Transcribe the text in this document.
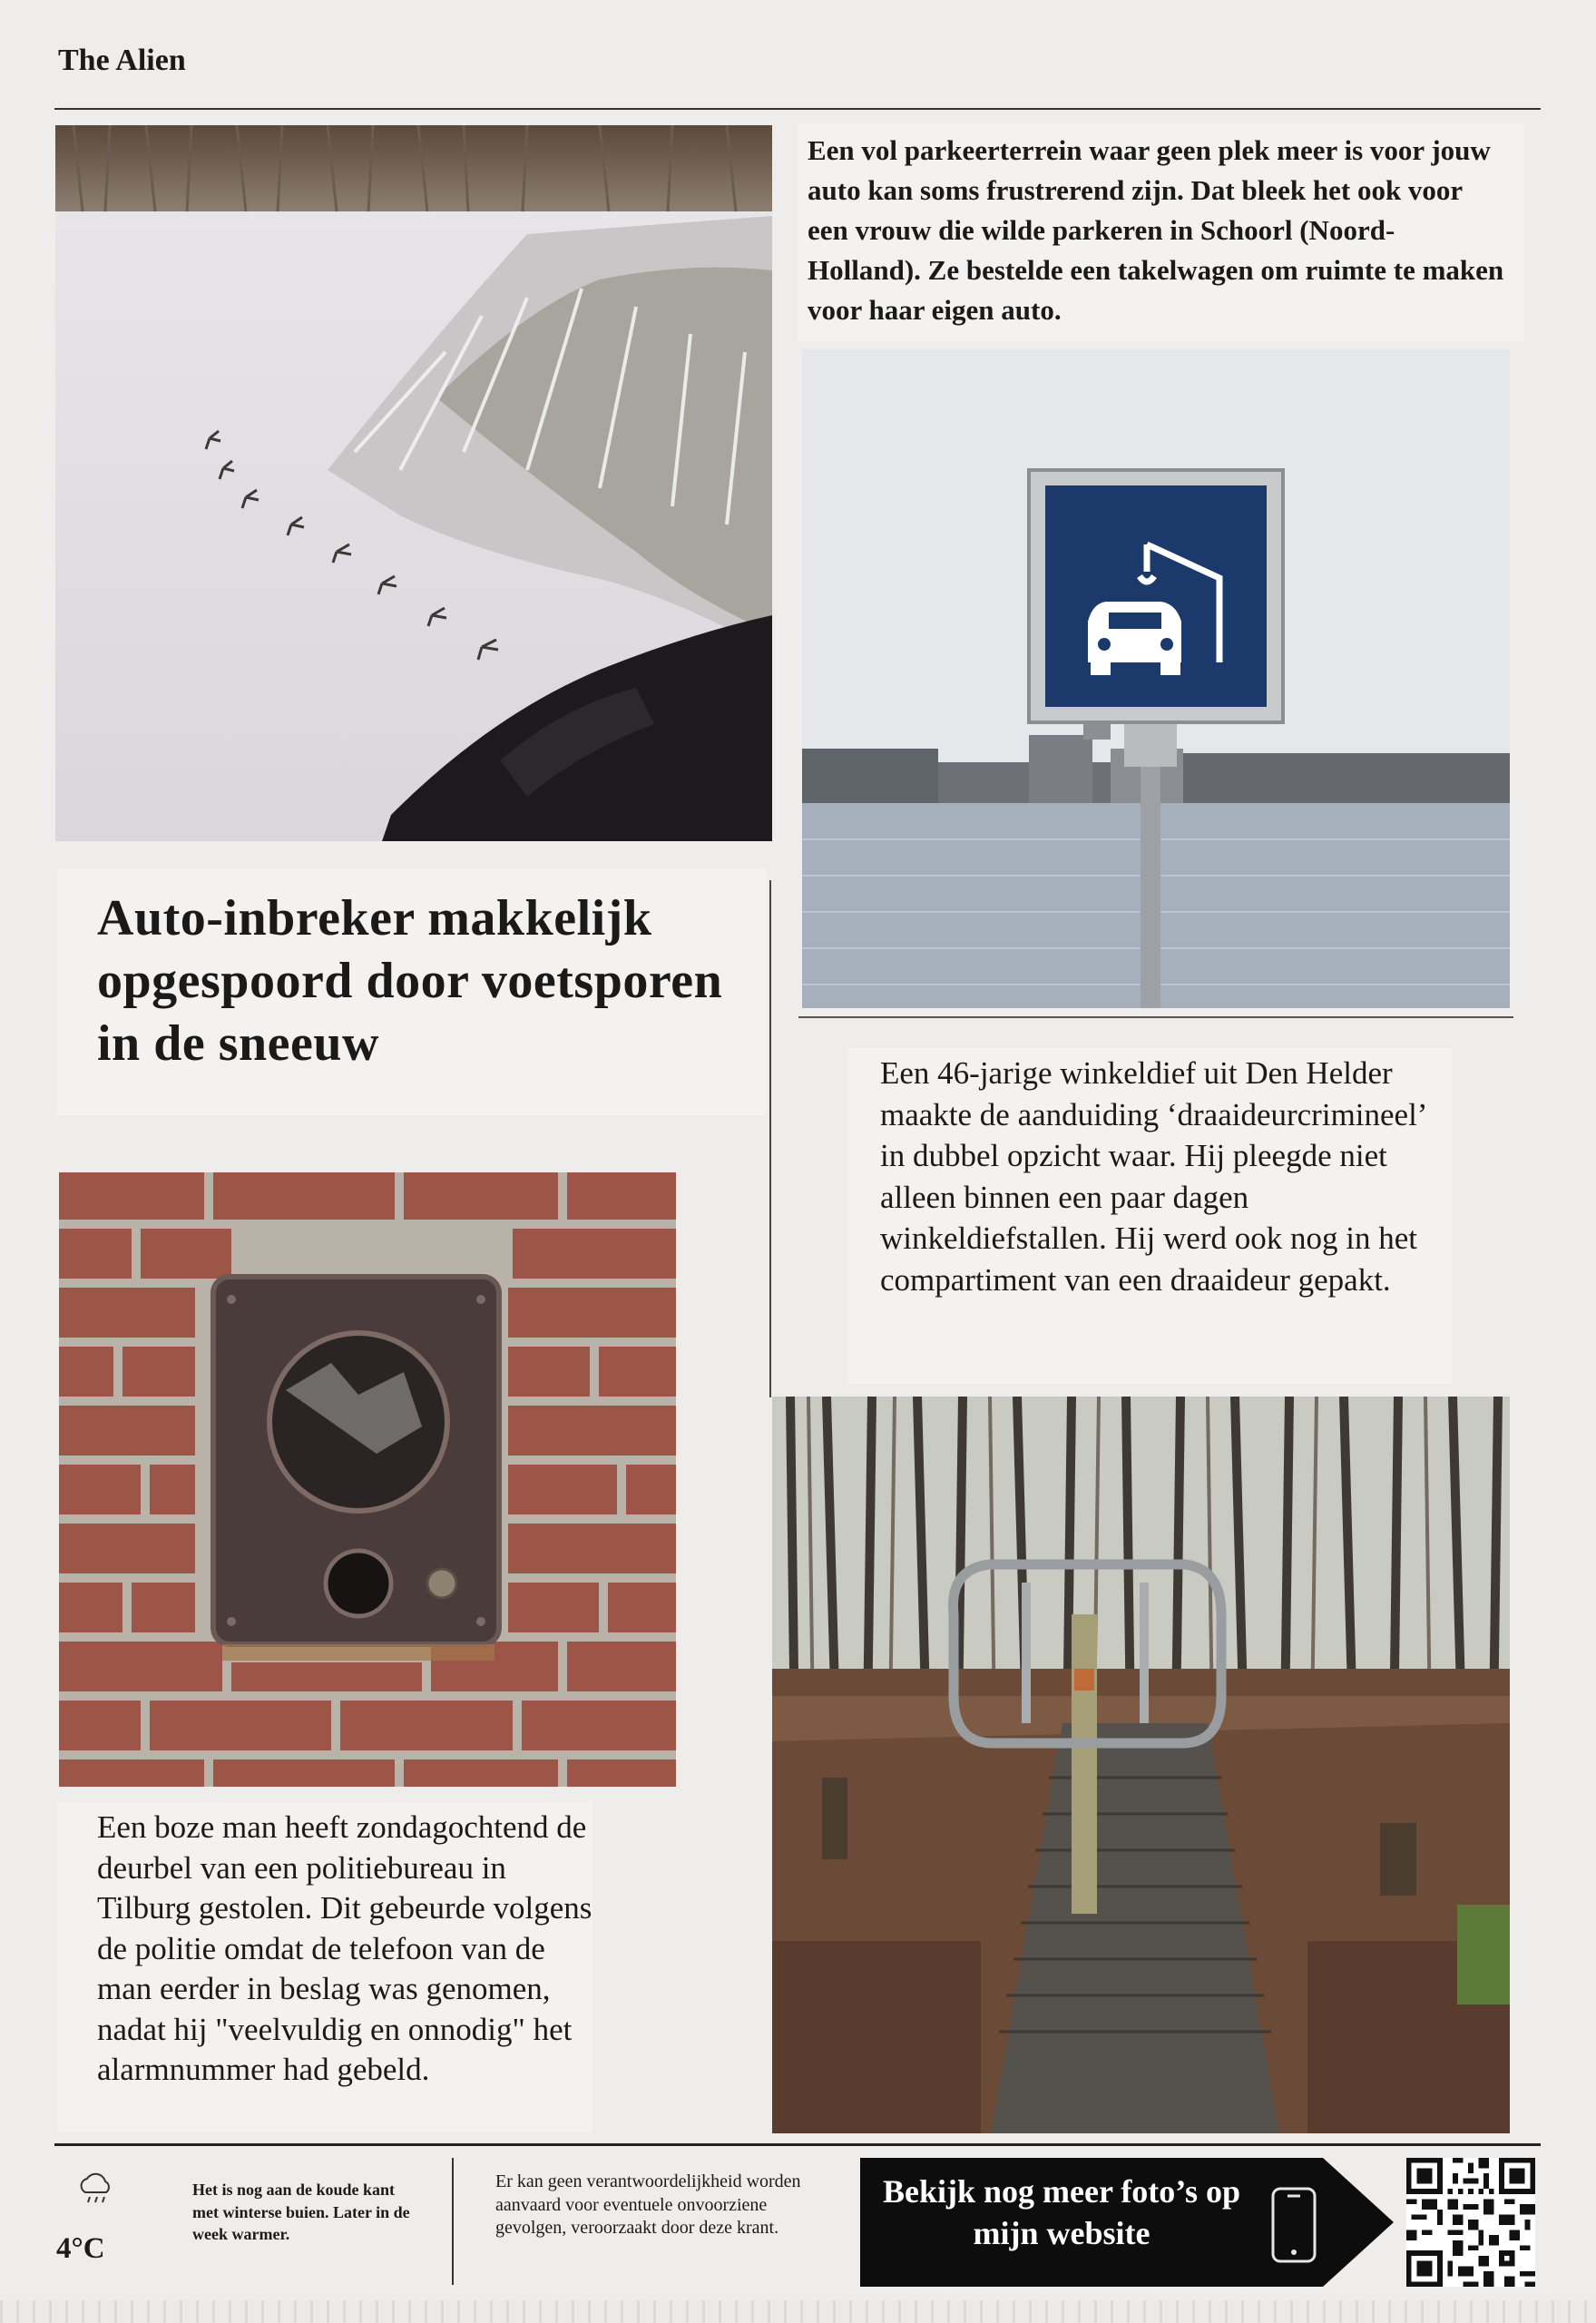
The Alien
Een vol parkeerterrein waar geen plek meer is voor jouw auto kan soms frustrerend zijn. Dat bleek het ook voor een vrouw die wilde parkeren in Schoorl (Noord-Holland). Ze bestelde een takelwagen om ruimte te maken voor haar eigen auto.
Auto-inbreker makkelijk opgespoord door voetsporen in de sneeuw
Een 46-jarige winkeldief uit Den Helder maakte de aanduiding ‘draaideurcrimineel’ in dubbel opzicht waar. Hij pleegde niet alleen binnen een paar dagen winkeldiefstallen. Hij werd ook nog in het compartiment van een draaideur gepakt.
Een boze man heeft zondagochtend de deurbel van een politiebureau in Tilburg gestolen. Dit gebeurde volgens de politie omdat de telefoon van de man eerder in beslag was genomen, nadat hij "veelvuldig en onnodig" het alarmnummer had gebeld.
4°C
Het is nog aan de koude kant met winterse buien. Later in de week warmer.
Er kan geen verantwoordelijkheid worden aanvaard voor eventuele onvoorziene gevolgen, veroorzaakt door deze krant.
Bekijk nog meer foto’s op mijn website
